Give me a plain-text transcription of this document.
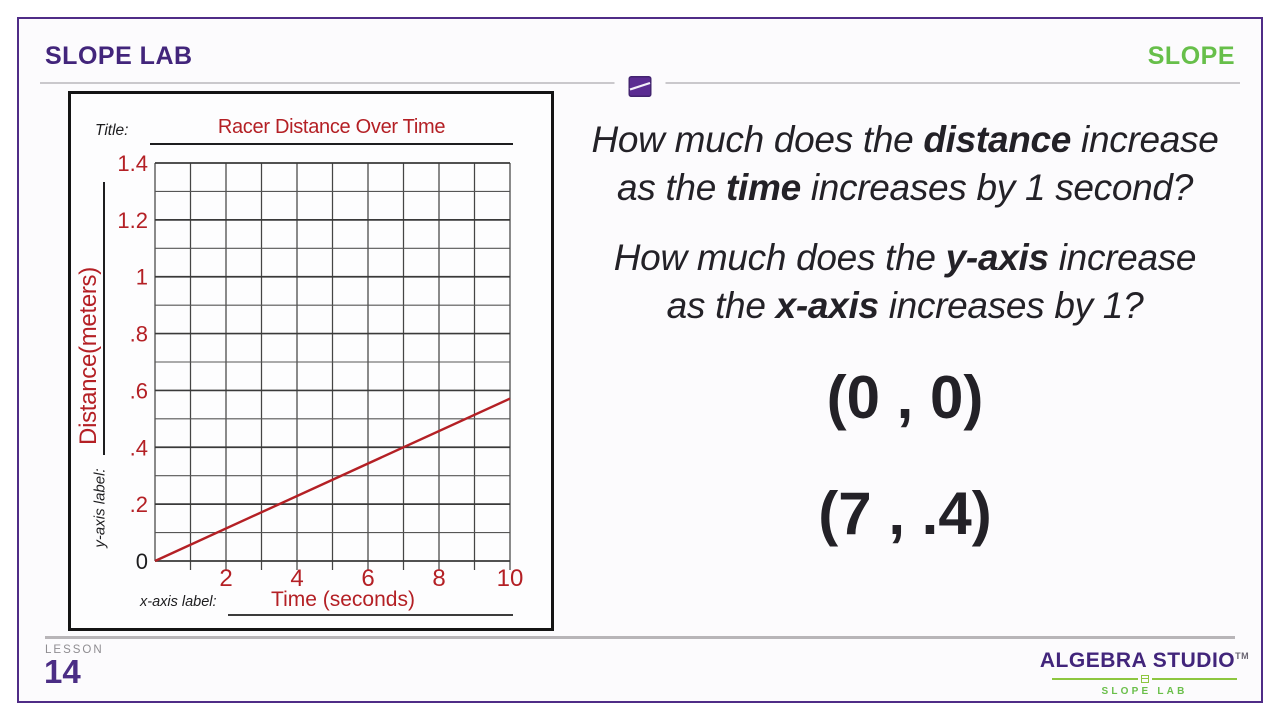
SLOPE LAB	SLOPE
Title:	Racer Distance Over Time
2 4 6 8 10
0
.2
.4
.6
.8
1
1.2
1.4
Distance(meters)
y-axis label:
x-axis label:	Time (seconds)
How much does the distance increase
as the time increases by 1 second?
How much does the y-axis increase
as the x-axis increases by 1?
(0 , 0)
(7 , .4)
LESSON
14	ALGEBRA STUDIO™
SLOPE LAB
